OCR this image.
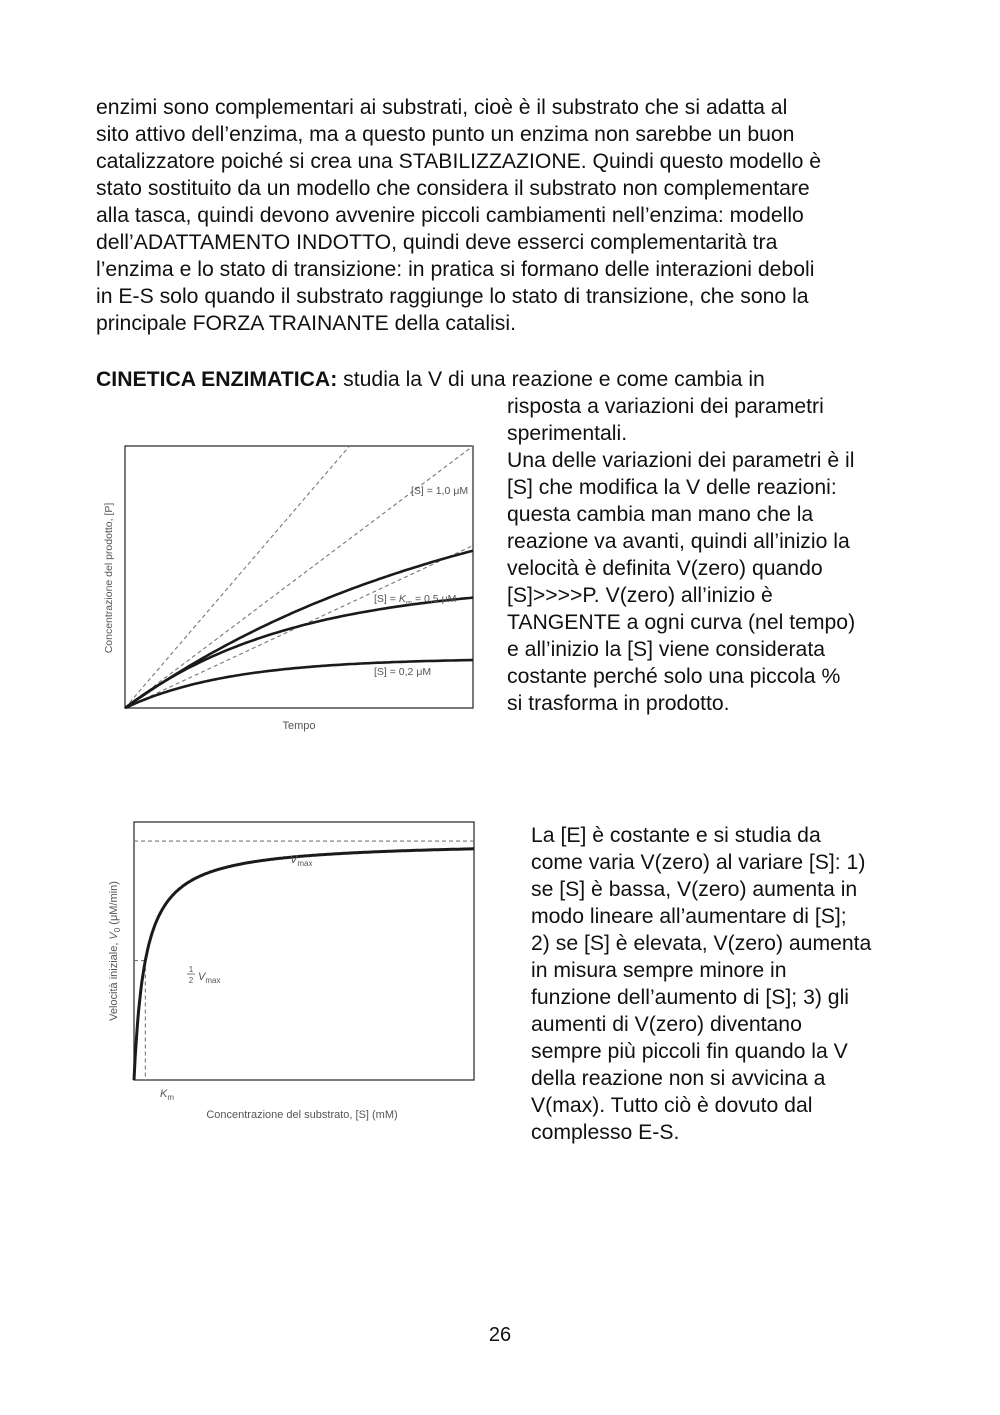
enzimi sono complementari ai substrati, cioè è il substrato che si adatta al
sito attivo dell’enzima, ma a questo punto un enzima non sarebbe un buon
catalizzatore poiché si crea una STABILIZZAZIONE. Quindi questo modello è
stato sostituito da un modello che considera il substrato non complementare
alla tasca, quindi devono avvenire piccoli cambiamenti nell’enzima: modello
dell’ADATTAMENTO INDOTTO, quindi deve esserci complementarità tra
l’enzima e lo stato di transizione: in pratica si formano delle interazioni deboli
in E-S solo quando il substrato raggiunge lo stato di transizione, che sono la
principale FORZA TRAINANTE della catalisi.
CINETICA ENZIMATICA: studia la V di una reazione e come cambia in
risposta a variazioni dei parametri
sperimentali.
Una delle variazioni dei parametri è il
[S] che modifica la V delle reazioni:
questa cambia man mano che la
reazione va avanti, quindi all’inizio la
velocità è definita V(zero) quando
[S]>>>>P. V(zero) all’inizio è
TANGENTE a ogni curva (nel tempo)
e all’inizio la [S] viene considerata
costante perché solo una piccola %
si trasforma in prodotto.
[S] = 1,0 μM
$[S] = K_m = 0,5$ μM
[S] = 0,2 μM
Tempo
Concentrazione del prodotto, [P]
$V_{max}$
1
2 $V_{max}$
$K_m$
Concentrazione del substrato, [S] (mM)
Velocità iniziale, $V_0$ (μM/min)
La [E] è costante e si studia da
come varia V(zero) al variare [S]: 1)
se [S] è bassa, V(zero) aumenta in
modo lineare all’aumentare di [S];
2) se [S] è elevata, V(zero) aumenta
in misura sempre minore in
funzione dell’aumento di [S]; 3) gli
aumenti di V(zero) diventano
sempre più piccoli fin quando la V
della reazione non si avvicina a
V(max). Tutto ciò è dovuto dal
complesso E-S.
26
